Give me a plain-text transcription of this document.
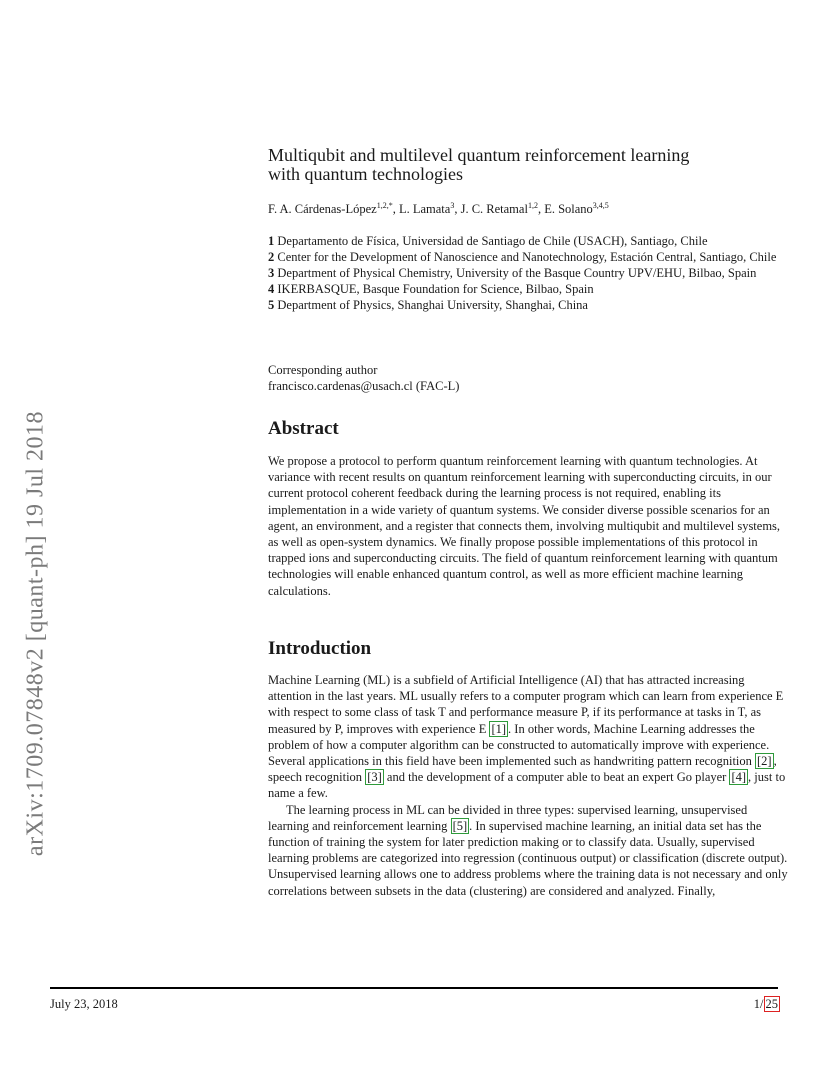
arXiv:1709.07848v2 [quant-ph] 19 Jul 2018
Multiqubit and multilevel quantum reinforcement learning
with quantum technologies
F. A. Cárdenas-López$^{1,2,*}$, L. Lamata$^3$, J. C. Retamal$^{1,2}$, E. Solano$^{3,4,5}$
1 Departamento de Física, Universidad de Santiago de Chile (USACH), Santiago, Chile
2 Center for the Development of Nanoscience and Nanotechnology, Estación Central, Santiago, Chile
3 Department of Physical Chemistry, University of the Basque Country UPV/EHU, Bilbao, Spain
4 IKERBASQUE, Basque Foundation for Science, Bilbao, Spain
5 Department of Physics, Shanghai University, Shanghai, China
Corresponding author
francisco.cardenas@usach.cl (FAC-L)
Abstract
We propose a protocol to perform quantum reinforcement learning with quantum technologies. At variance with recent results on quantum reinforcement learning with superconducting circuits, in our current protocol coherent feedback during the learning process is not required, enabling its implementation in a wide variety of quantum systems. We consider diverse possible scenarios for an agent, an environment, and a register that connects them, involving multiqubit and multilevel systems, as well as open-system dynamics. We finally propose possible implementations of this protocol in trapped ions and superconducting circuits. The field of quantum reinforcement learning with quantum technologies will enable enhanced quantum control, as well as more efficient machine learning calculations.
Introduction

Machine Learning (ML) is a subfield of Artificial Intelligence (AI) that has attracted increasing attention in the last years. ML usually refers to a computer program which can learn from experience E with respect to some class of task T and performance measure P, if its performance at tasks in T, as measured by P, improves with experience E [1] . In other words, Machine Learning addresses the problem of how a computer algorithm can be constructed to automatically improve with experience. Several applications in this field have been implemented such as handwriting pattern recognition [2] , speech recognition [3] and the development of a computer able to beat an expert Go player [4] , just to name a few.

The learning process in ML can be divided in three types: supervised learning, unsupervised learning and reinforcement learning [5] . In supervised machine learning, an initial data set has the function of training the system for later prediction making or to classify data. Usually, supervised learning problems are categorized into regression (continuous output) or classification (discrete output). Unsupervised learning allows one to address problems where the training data is not necessary and only correlations between subsets in the data (clustering) are considered and analyzed. Finally,

July 23, 2018	1/ 25
